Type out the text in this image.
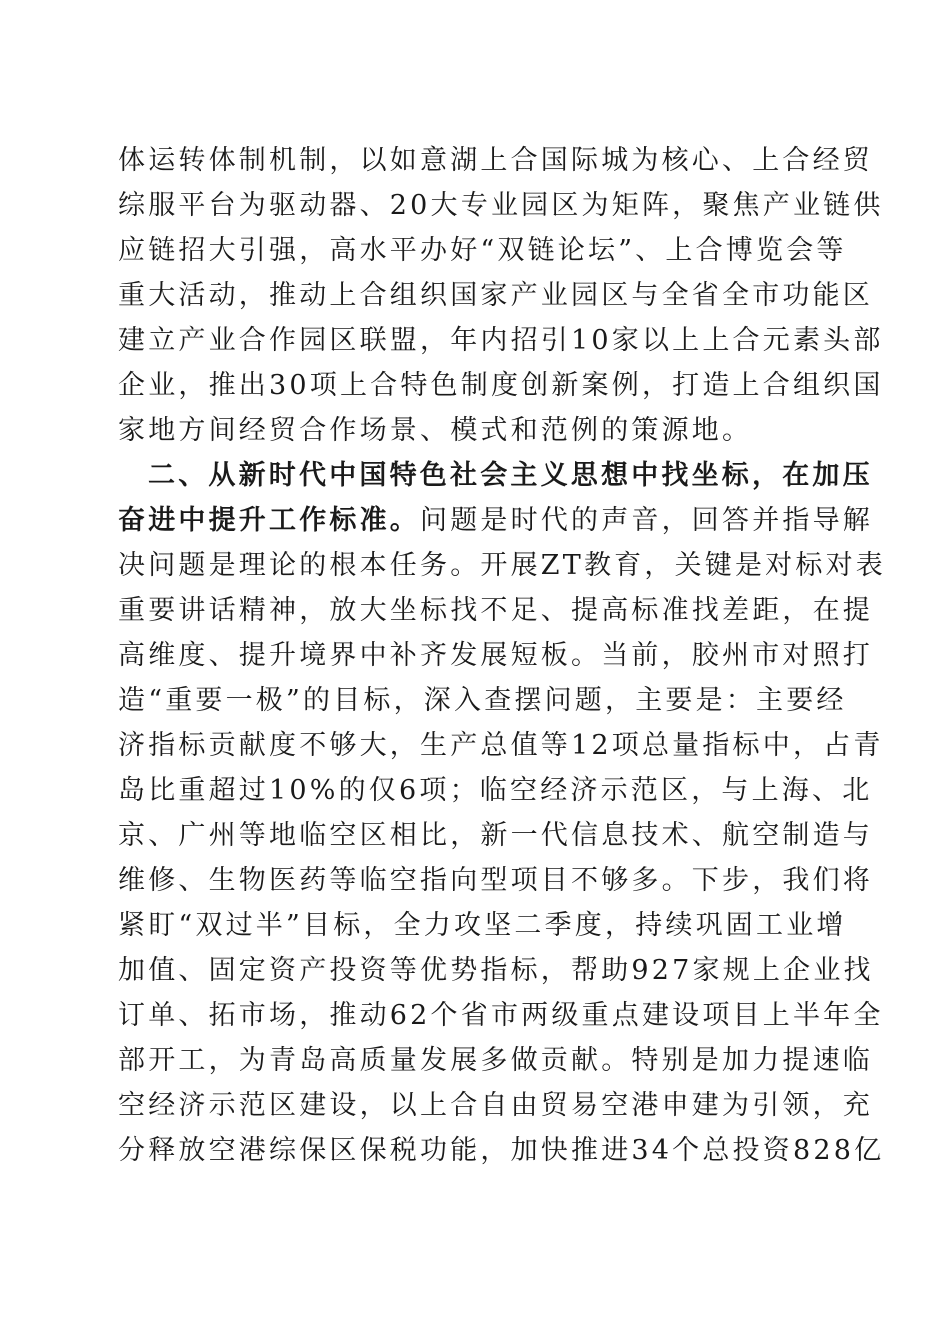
体运转体制机制，以如意湖上合国际城为核心、上合经贸
综服平台为驱动器、20大专业园区为矩阵，聚焦产业链供
应链招大引强，高水平办好“双链论坛”、上合博览会等
重大活动，推动上合组织国家产业园区与全省全市功能区
建立产业合作园区联盟，年内招引10家以上上合元素头部
企业，推出30项上合特色制度创新案例，打造上合组织国
家地方间经贸合作场景、模式和范例的策源地。
二、从新时代中国特色社会主义思想中找坐标，在加压
奋进中提升工作标准。问题是时代的声音，回答并指导解
决问题是理论的根本任务。开展ZT教育，关键是对标对表
重要讲话精神，放大坐标找不足、提高标准找差距，在提
高维度、提升境界中补齐发展短板。当前，胶州市对照打
造“重要一极”的目标，深入查摆问题，主要是：主要经
济指标贡献度不够大，生产总值等12项总量指标中，占青
岛比重超过10%的仅6项；临空经济示范区，与上海、北
京、广州等地临空区相比，新一代信息技术、航空制造与
维修、生物医药等临空指向型项目不够多。下步，我们将
紧盯“双过半”目标，全力攻坚二季度，持续巩固工业增
加值、固定资产投资等优势指标，帮助927家规上企业找
订单、拓市场，推动62个省市两级重点建设项目上半年全
部开工，为青岛高质量发展多做贡献。特别是加力提速临
空经济示范区建设，以上合自由贸易空港申建为引领，充
分释放空港综保区保税功能，加快推进34个总投资828亿
